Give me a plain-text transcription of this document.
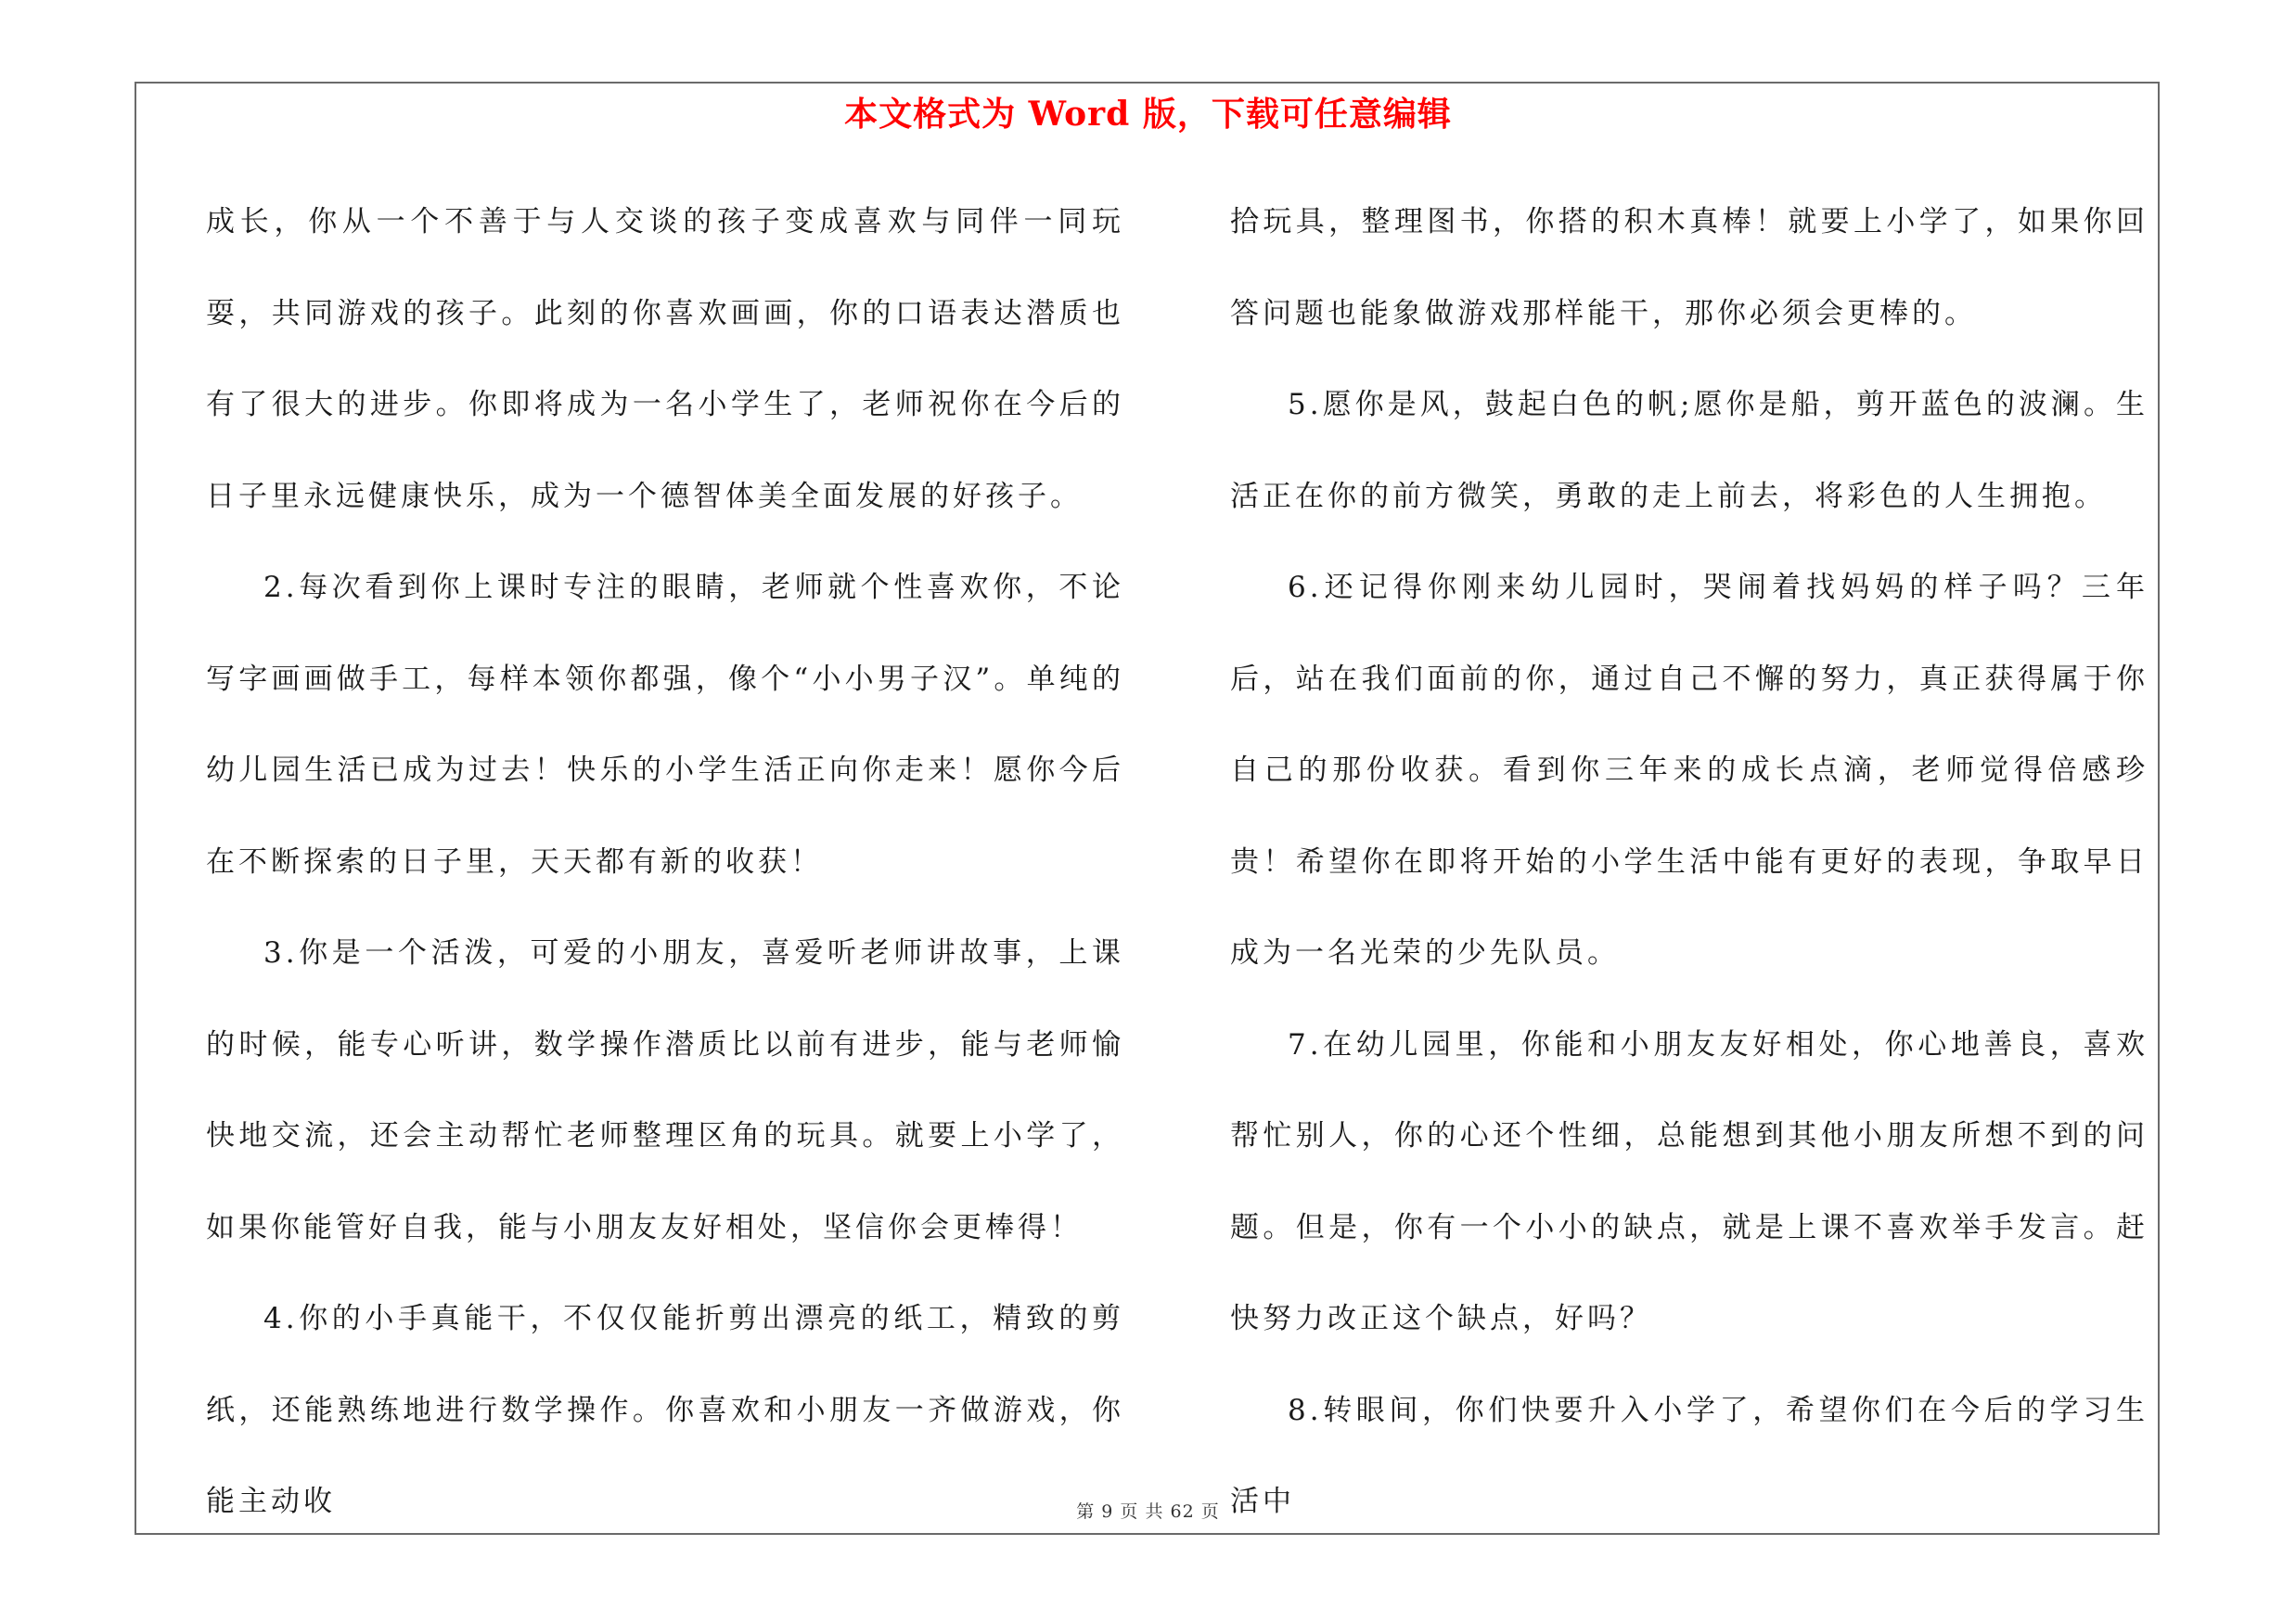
本文格式为 Word 版，下载可任意编辑

成长，你从一个不善于与人交谈的孩子变成喜欢与同伴一同玩耍，共同游戏的孩子。此刻的你喜欢画画，你的口语表达潜质也有了很大的进步。你即将成为一名小学生了，老师祝你在今后的日子里永远健康快乐，成为一个德智体美全面发展的好孩子。

2.每次看到你上课时专注的眼睛，老师就个性喜欢你，不论写字画画做手工，每样本领你都强，像个“小小男子汉”。单纯的幼儿园生活已成为过去！快乐的小学生活正向你走来！愿你今后在不断探索的日子里，天天都有新的收获！

3.你是一个活泼，可爱的小朋友，喜爱听老师讲故事，上课的时候，能专心听讲，数学操作潜质比以前有进步，能与老师愉快地交流，还会主动帮忙老师整理区角的玩具。就要上小学了，如果你能管好自我，能与小朋友友好相处，坚信你会更棒得！

4.你的小手真能干，不仅仅能折剪出漂亮的纸工，精致的剪纸，还能熟练地进行数学操作。你喜欢和小朋友一齐做游戏，你能主动收

拾玩具，整理图书，你搭的积木真棒！就要上小学了，如果你回答问题也能象做游戏那样能干，那你必须会更棒的。

5.愿你是风，鼓起白色的帆;愿你是船，剪开蓝色的波澜。生活正在你的前方微笑，勇敢的走上前去，将彩色的人生拥抱。

6.还记得你刚来幼儿园时，哭闹着找妈妈的样子吗？三年后，站在我们面前的你，通过自己不懈的努力，真正获得属于你自己的那份收获。看到你三年来的成长点滴，老师觉得倍感珍贵！希望你在即将开始的小学生活中能有更好的表现，争取早日成为一名光荣的少先队员。

7.在幼儿园里，你能和小朋友友好相处，你心地善良，喜欢帮忙别人，你的心还个性细，总能想到其他小朋友所想不到的问题。但是，你有一个小小的缺点，就是上课不喜欢举手发言。赶快努力改正这个缺点，好吗？

8.转眼间，你们快要升入小学了，希望你们在今后的学习生活中

第 9 页 共 62 页
